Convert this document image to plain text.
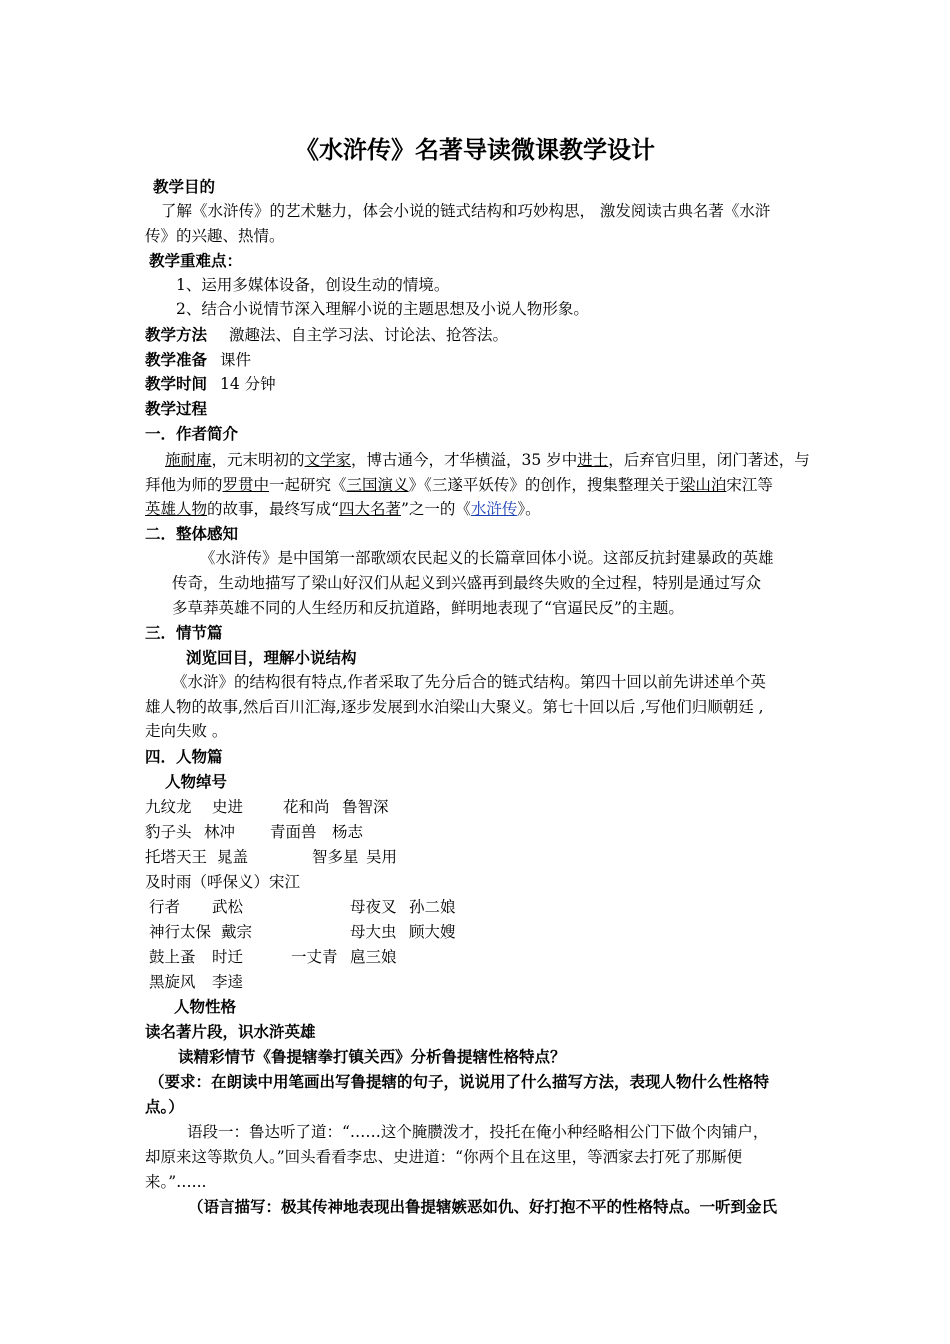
《水浒传》名著导读微课教学设计
教学目的
了解《水浒传》的艺术魅力，体会小说的链式结构和巧妙构思， 激发阅读古典名著《水浒
传》的兴趣、热情。
教学重难点：
1、运用多媒体设备，创设生动的情境。
2、结合小说情节深入理解小说的主题思想及小说人物形象。
教学方法 激趣法、自主学习法、讨论法、抢答法。
教学准备 课件
教学时间 14 分钟
教学过程
一．作者简介
施耐庵，元末明初的文学家，博古通今，才华横溢，35 岁中进士，后弃官归里，闭门著述，与
拜他为师的罗贯中一起研究《三国演义》《三遂平妖传》的创作，搜集整理关于梁山泊宋江等
英雄人物的故事，最终写成“四大名著”之一的《水浒传》。
二．整体感知
《水浒传》是中国第一部歌颂农民起义的长篇章回体小说。这部反抗封建暴政的英雄
传奇，生动地描写了梁山好汉们从起义到兴盛再到最终失败的全过程，特别是通过写众
多草莽英雄不同的人生经历和反抗道路，鲜明地表现了“官逼民反”的主题。
三．情节篇
浏览回目，理解小说结构
《水浒》的结构很有特点,作者采取了先分后合的链式结构。第四十回以前先讲述单个英
雄人物的故事,然后百川汇海,逐步发展到水泊梁山大聚义。第七十回以后 ,写他们归顺朝廷 ,
走向失败 。
四．人物篇
人物绰号
九纹龙 史进	花和尚 鲁智深
豹子头 林冲 青面兽 杨志
托塔天王 晁盖	智多星 吴用
及时雨（呼保义）宋江
行者 武松	母夜叉 孙二娘
神行太保 戴宗	母大虫 顾大嫂
鼓上蚤 时迁	一丈青 扈三娘
黑旋风 李逵
人物性格
读名著片段，识水浒英雄
读精彩情节《鲁提辖拳打镇关西》分析鲁提辖性格特点？
（要求：在朗读中用笔画出写鲁提辖的句子，说说用了什么描写方法，表现人物什么性格特
点。）
语段一：鲁达听了道：“……这个腌臜泼才，投托在俺小种经略相公门下做个肉铺户，
却原来这等欺负人。”回头看看李忠、史进道：“你两个且在这里，等洒家去打死了那厮便
来。”…...
（语言描写：极其传神地表现出鲁提辖嫉恶如仇、好打抱不平的性格特点。一听到金氏
